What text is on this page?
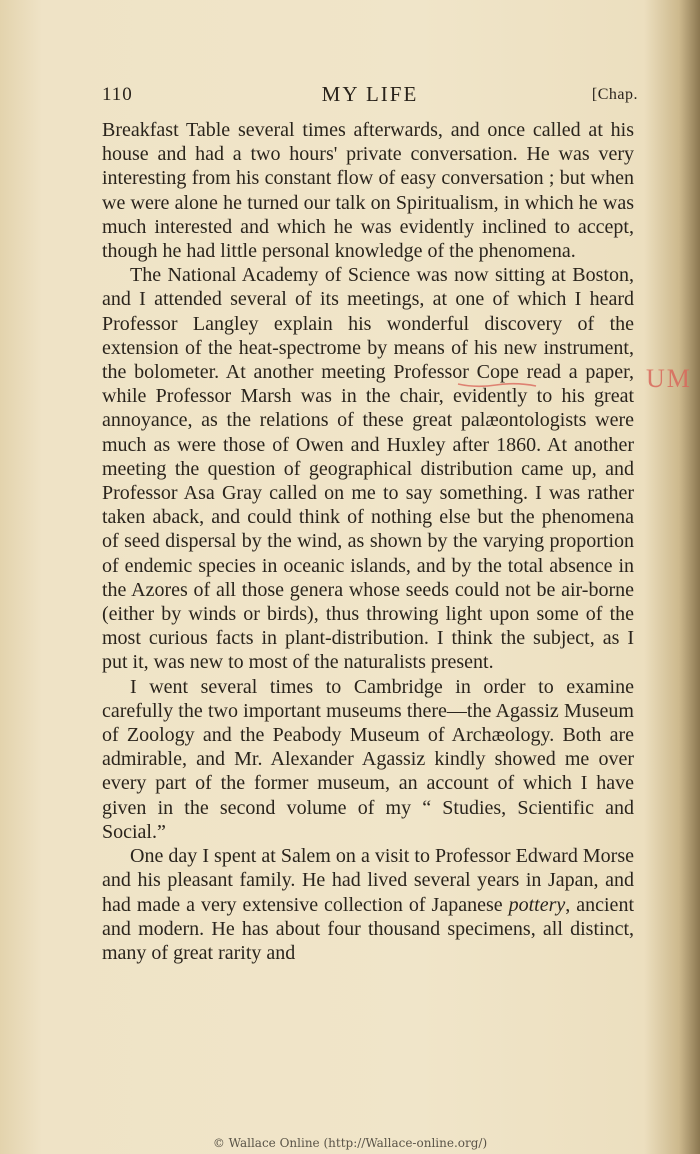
110	MY LIFE	[Chap.

Breakfast Table several times afterwards, and once called at his house and had a two hours' private conversation. He was very interesting from his constant flow of easy conversation ; but when we were alone he turned our talk on Spiritualism, in which he was much interested and which he was evidently inclined to accept, though he had little personal knowledge of the phenomena.

The National Academy of Science was now sitting at Boston, and I attended several of its meetings, at one of which I heard Professor Langley explain his wonderful discovery of the extension of the heat-spectrome by means of his new instrument, the bolometer. At another meeting Professor Cope read a paper, while Professor Marsh was in the chair, evidently to his great annoyance, as the relations of these great palæontologists were much as were those of Owen and Huxley after 1860. At another meeting the question of geographical distribution came up, and Professor Asa Gray called on me to say something. I was rather taken aback, and could think of nothing else but the phenomena of seed dispersal by the wind, as shown by the varying proportion of endemic species in oceanic islands, and by the total absence in the Azores of all those genera whose seeds could not be air-borne (either by winds or birds), thus throwing light upon some of the most curious facts in plant-distribution. I think the subject, as I put it, was new to most of the naturalists present.

I went several times to Cambridge in order to examine carefully the two important museums there—the Agassiz Museum of Zoology and the Peabody Museum of Archæology. Both are admirable, and Mr. Alexander Agassiz kindly showed me over every part of the former museum, an account of which I have given in the second volume of my “ Studies, Scientific and Social.”

One day I spent at Salem on a visit to Professor Edward Morse and his pleasant family. He had lived several years in Japan, and had made a very extensive collection of Japanese pottery, ancient and modern. He has about four thousand specimens, all distinct, many of great rarity and

UM
© Wallace Online (http://Wallace-online.org/)
